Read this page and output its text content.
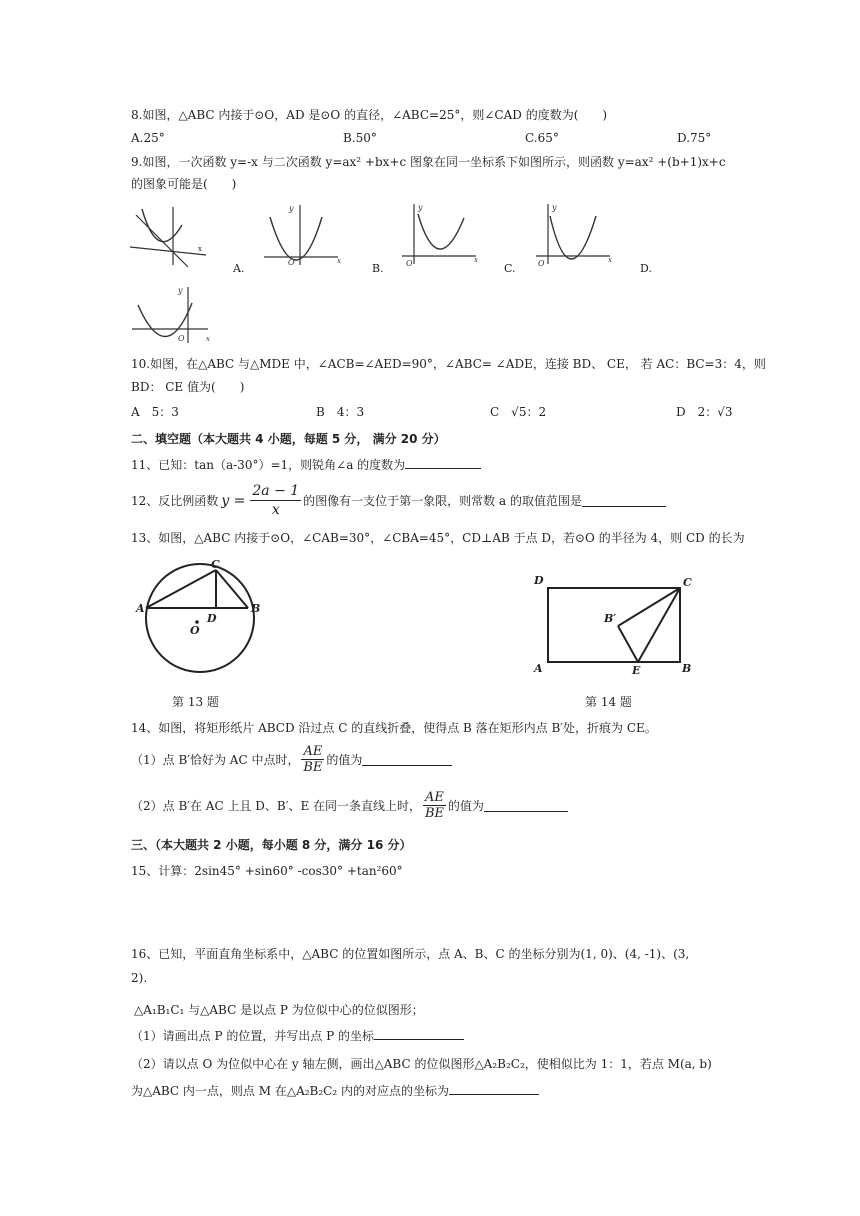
8.如图，△ABC 内接于⊙O，AD 是⊙O 的直径，∠ABC=25°，则∠CAD 的度数为(　　)
A.25°	B.50°	C.65°	D.75°
9.如图，一次函数 y=-x 与二次函数 y=ax² +bx+c 图象在同一坐标系下如图所示，则函数 y=ax² +(b+1)x+c
的图象可能是(　　)
x
O
y
x
A.	O
y
x
B.	O
y
x
C.	D.
O
y
x
10.如图，在△ABC 与△MDE 中，∠ACB=∠AED=90°，∠ABC= ∠ADE，连接 BD、 CE， 若 AC：BC=3：4，则
BD： CE 值为(　　)
A　5：3	B　4：3	C　√5：2	D　2：√3
二、填空题（本大题共 4 小题，每题 5 分， 满分 20 分）
11、已知：tan（a-30°）=1，则锐角∠a 的度数为
12、反比例函数 $y = \frac{2a - 1}{x}$ 的图像有一支位于第一象限，则常数 a 的取值范围是
13、如图，△ABC 内接于⊙O，∠CAB=30°，∠CBA=45°，CD⊥AB 于点 D，若⊙O 的半径为 4，则 CD 的长为
A	B
C
D
O
第 13 题
D	C
B′
A	E	B
第 14 题
14、如图，将矩形纸片 ABCD 沿过点 C 的直线折叠，使得点 B 落在矩形内点 B′处，折痕为 CE。
（1）点 B′恰好为 AC 中点时， $\frac{AE}{BE}$ 的值为
（2）点 B′在 AC 上且 D、B′、E 在同一条直线上时， $\frac{AE}{BE}$ 的值为
三、（本大题共 2 小题，每小题 8 分，满分 16 分）
15、计算：2sin45° +sin60° -cos30° +tan²60°
16、已知，平面直角坐标系中，△ABC 的位置如图所示，点 A、B、C 的坐标分别为(1, 0)、(4, -1)、(3,
2).
△A₁B₁C₁ 与△ABC 是以点 P 为位似中心的位似图形；
（1）请画出点 P 的位置，并写出点 P 的坐标
（2）请以点 O 为位似中心在 y 轴左侧，画出△ABC 的位似图形△A₂B₂C₂，使相似比为 1：1，若点 M(a, b)
为△ABC 内一点，则点 M 在△A₂B₂C₂ 内的对应点的坐标为
